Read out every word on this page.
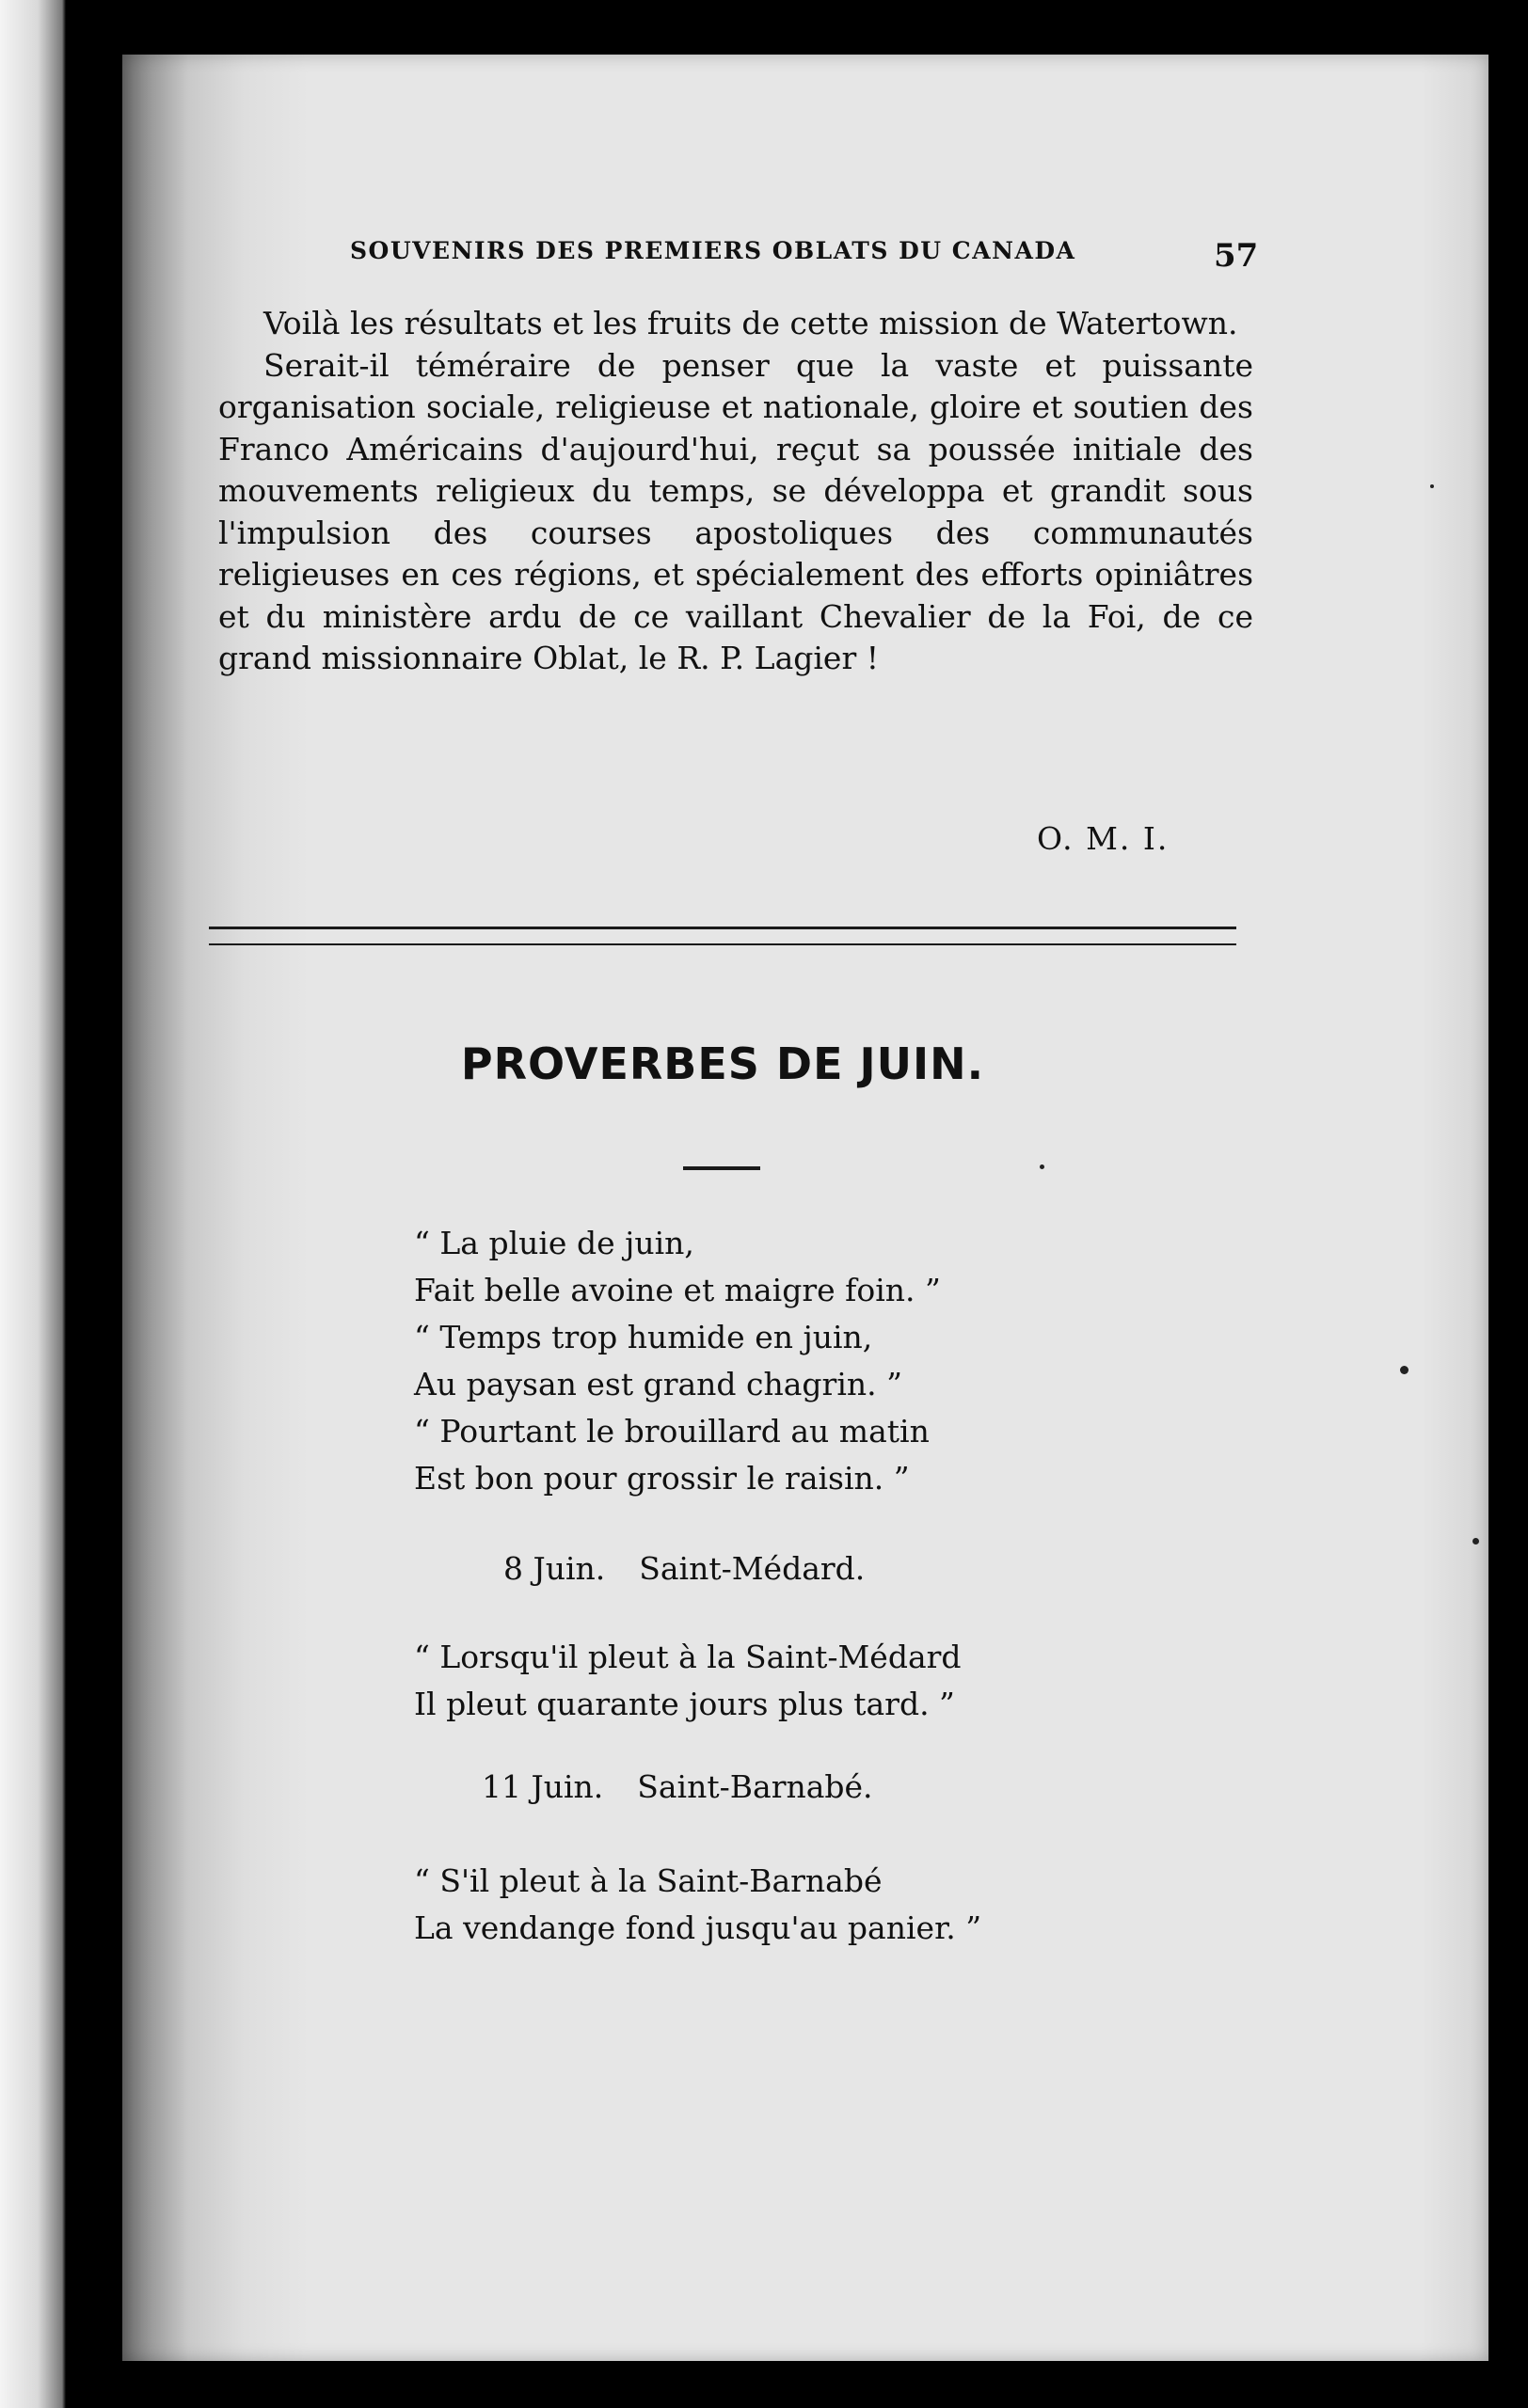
SOUVENIRS DES PREMIERS OBLATS DU CANADA	57

Voilà les résultats et les fruits de cette mission de Watertown.

Serait-il téméraire de penser que la vaste et puissante organisation sociale, religieuse et nationale, gloire et soutien des Franco Américains d'aujourd'hui, reçut sa poussée initiale des mouvements religieux du temps, se développa et grandit sous l'impulsion des courses apostoliques des communautés religieuses en ces régions, et spécialement des efforts opiniâtres et du ministère ardu de ce vaillant Chevalier de la Foi, de ce grand missionnaire Oblat, le R. P. Lagier !

O. M. I.
PROVERBES DE JUIN.
“ La pluie de juin,
Fait belle avoine et maigre foin. ”
“ Temps trop humide en juin,
Au paysan est grand chagrin. ”
“ Pourtant le brouillard au matin
Est bon pour grossir le raisin. ”
8 Juin. Saint-Médard.
“ Lorsqu'il pleut à la Saint-Médard
Il pleut quarante jours plus tard. ”
11 Juin. Saint-Barnabé.
“ S'il pleut à la Saint-Barnabé
La vendange fond jusqu'au panier. ”
